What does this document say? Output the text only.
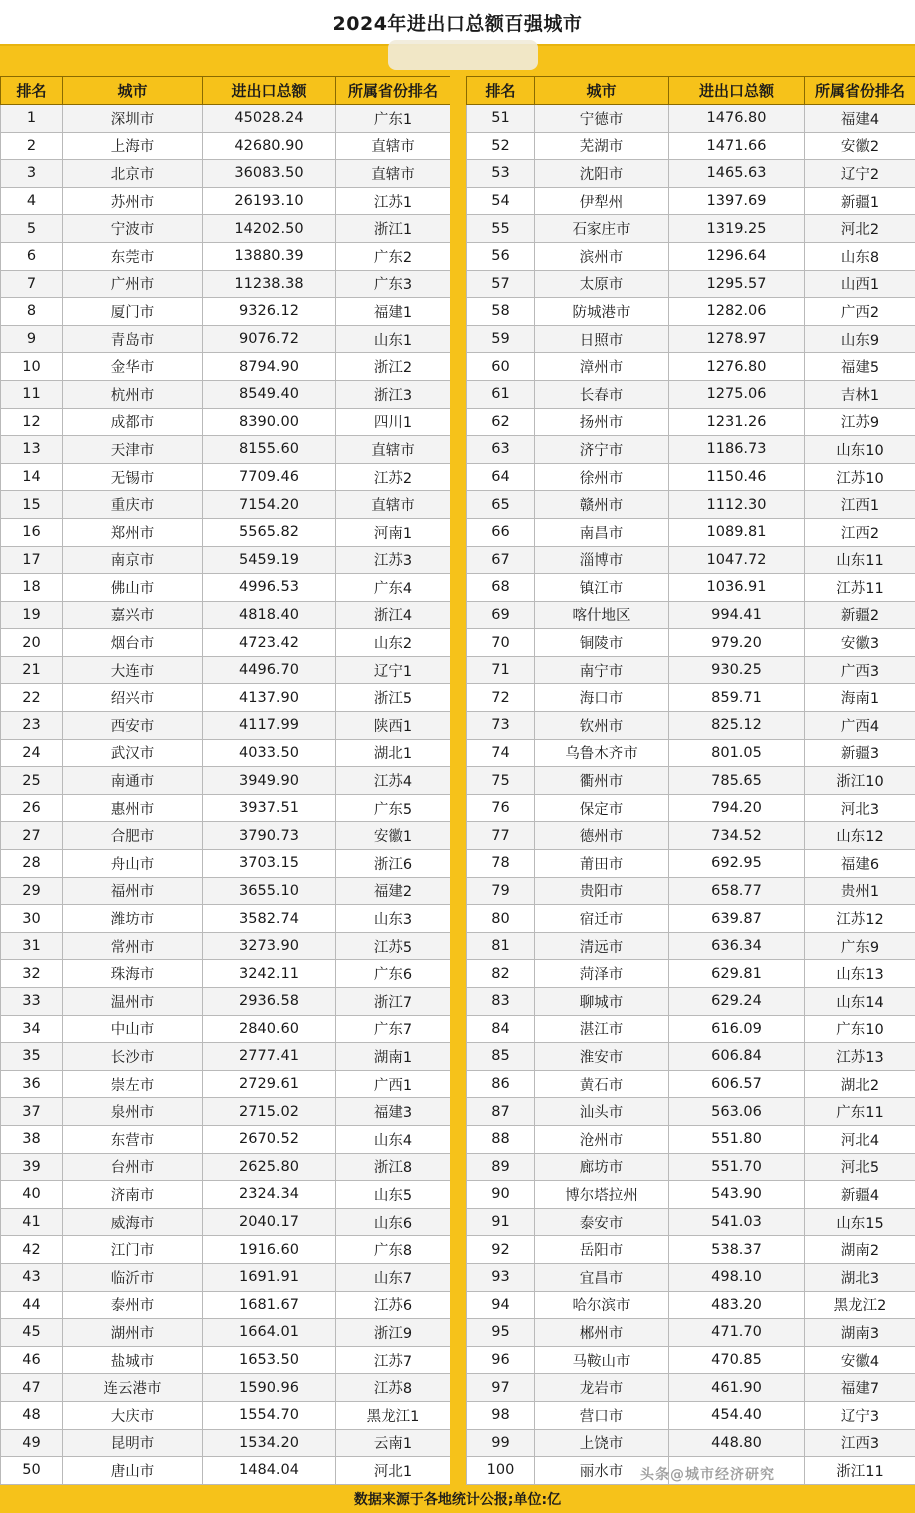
2024年进出口总额百强城市
排名	城市	进出口总额	所属省份排名
1	深圳市	45028.24	广东1
2	上海市	42680.90	直辖市
3	北京市	36083.50	直辖市
4	苏州市	26193.10	江苏1
5	宁波市	14202.50	浙江1
6	东莞市	13880.39	广东2
7	广州市	11238.38	广东3
8	厦门市	9326.12	福建1
9	青岛市	9076.72	山东1
10	金华市	8794.90	浙江2
11	杭州市	8549.40	浙江3
12	成都市	8390.00	四川1
13	天津市	8155.60	直辖市
14	无锡市	7709.46	江苏2
15	重庆市	7154.20	直辖市
16	郑州市	5565.82	河南1
17	南京市	5459.19	江苏3
18	佛山市	4996.53	广东4
19	嘉兴市	4818.40	浙江4
20	烟台市	4723.42	山东2
21	大连市	4496.70	辽宁1
22	绍兴市	4137.90	浙江5
23	西安市	4117.99	陕西1
24	武汉市	4033.50	湖北1
25	南通市	3949.90	江苏4
26	惠州市	3937.51	广东5
27	合肥市	3790.73	安徽1
28	舟山市	3703.15	浙江6
29	福州市	3655.10	福建2
30	潍坊市	3582.74	山东3
31	常州市	3273.90	江苏5
32	珠海市	3242.11	广东6
33	温州市	2936.58	浙江7
34	中山市	2840.60	广东7
35	长沙市	2777.41	湖南1
36	崇左市	2729.61	广西1
37	泉州市	2715.02	福建3
38	东营市	2670.52	山东4
39	台州市	2625.80	浙江8
40	济南市	2324.34	山东5
41	威海市	2040.17	山东6
42	江门市	1916.60	广东8
43	临沂市	1691.91	山东7
44	泰州市	1681.67	江苏6
45	湖州市	1664.01	浙江9
46	盐城市	1653.50	江苏7
47	连云港市	1590.96	江苏8
48	大庆市	1554.70	黑龙江1
49	昆明市	1534.20	云南1
50	唐山市	1484.04	河北1
排名	城市	进出口总额	所属省份排名
51	宁德市	1476.80	福建4
52	芜湖市	1471.66	安徽2
53	沈阳市	1465.63	辽宁2
54	伊犁州	1397.69	新疆1
55	石家庄市	1319.25	河北2
56	滨州市	1296.64	山东8
57	太原市	1295.57	山西1
58	防城港市	1282.06	广西2
59	日照市	1278.97	山东9
60	漳州市	1276.80	福建5
61	长春市	1275.06	吉林1
62	扬州市	1231.26	江苏9
63	济宁市	1186.73	山东10
64	徐州市	1150.46	江苏10
65	赣州市	1112.30	江西1
66	南昌市	1089.81	江西2
67	淄博市	1047.72	山东11
68	镇江市	1036.91	江苏11
69	喀什地区	994.41	新疆2
70	铜陵市	979.20	安徽3
71	南宁市	930.25	广西3
72	海口市	859.71	海南1
73	钦州市	825.12	广西4
74	乌鲁木齐市	801.05	新疆3
75	衢州市	785.65	浙江10
76	保定市	794.20	河北3
77	德州市	734.52	山东12
78	莆田市	692.95	福建6
79	贵阳市	658.77	贵州1
80	宿迁市	639.87	江苏12
81	清远市	636.34	广东9
82	菏泽市	629.81	山东13
83	聊城市	629.24	山东14
84	湛江市	616.09	广东10
85	淮安市	606.84	江苏13
86	黄石市	606.57	湖北2
87	汕头市	563.06	广东11
88	沧州市	551.80	河北4
89	廊坊市	551.70	河北5
90	博尔塔拉州	543.90	新疆4
91	泰安市	541.03	山东15
92	岳阳市	538.37	湖南2
93	宜昌市	498.10	湖北3
94	哈尔滨市	483.20	黑龙江2
95	郴州市	471.70	湖南3
96	马鞍山市	470.85	安徽4
97	龙岩市	461.90	福建7
98	营口市	454.40	辽宁3
99	上饶市	448.80	江西3
100	丽水市		浙江11
数据来源于各地统计公报;单位:亿
头条@城市经济研究
